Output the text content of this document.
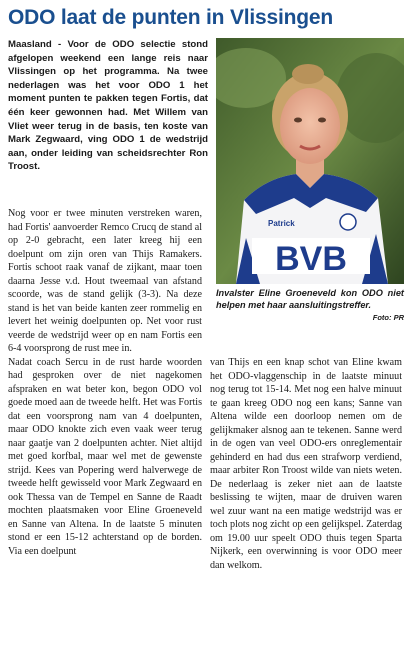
ODO laat de punten in Vlissingen

Maasland - Voor de ODO selectie stond afgelopen weekend een lange reis naar Vlissingen op het programma. Na twee nederlagen was het voor ODO 1 het moment punten te pakken tegen Fortis, dat één keer gewonnen had. Met Willem van Vliet weer terug in de basis, ten koste van Mark Zegwaard, ving ODO 1 de wedstrijd aan, onder leiding van scheidsrechter Ron Troost.

Patrick
BVB

Invalster Eline Groeneveld kon ODO niet helpen met haar aansluitingstreffer.

Foto: PR

Nog voor er twee minuten verstreken waren, had Fortis' aanvoerder Remco Crucq de stand al op 2-0 gebracht, een later kreeg hij een doelpunt om zijn oren van Thijs Ramakers. Fortis schoot raak vanaf de zijkant, maar toen daarna Jesse v.d. Hout tweemaal van afstand scoorde, was de stand gelijk (3-3). Na deze stand is het van beide kanten zeer rommelig en levert het weinig doelpunten op. Net voor rust veerde de wedstrijd weer op en nam Fortis een 6-4 voorsprong de rust mee in.

Nadat coach Sercu in de rust harde woorden had gesproken over de niet nagekomen afspraken en wat beter kon, begon ODO vol goede moed aan de tweede helft. Het was Fortis dat een voorsprong nam van 4 doelpunten, maar ODO knokte zich even vaak weer terug naar gaatje van 2 doelpunten achter. Niet altijd met goed korfbal, maar wel met de gewenste strijd. Kees van Popering werd halverwege de tweede helft gewisseld voor Mark Zegwaard en ook Thessa van de Tempel en Sanne de Raadt mochten plaatsmaken voor Eline Groeneveld en Sanne van Altena. In de laatste 5 minuten stond er een 15-12 achterstand op de borden. Via een doelpunt

van Thijs en een knap schot van Eline kwam het ODO-vlaggenschip in de laatste minuut nog terug tot 15-14. Met nog een halve minuut te gaan kreeg ODO nog een kans; Sanne van Altena wilde een doorloop nemen om de gelijkmaker alsnog aan te tekenen. Sanne werd in de ogen van veel ODO-ers onreglementair gehinderd en had dus een strafworp verdiend, maar arbiter Ron Troost wilde van niets weten. De nederlaag is zeker niet aan de laatste beslissing te wijten, maar de druiven waren wel zuur want na een matige wedstrijd was er toch plots nog zicht op een gelijkspel. Zaterdag om 19.00 uur speelt ODO thuis tegen Sparta Nijkerk, een overwinning is voor ODO meer dan welkom.
